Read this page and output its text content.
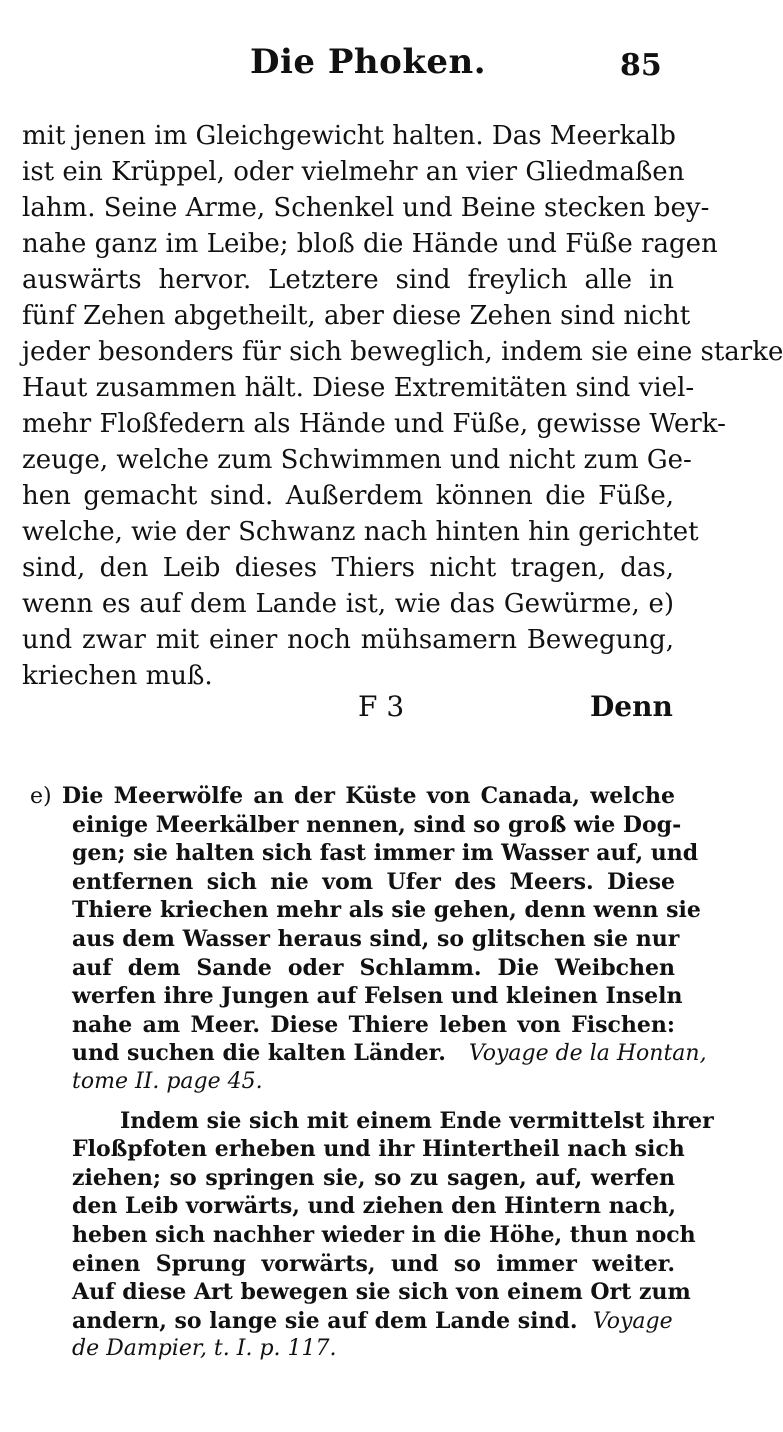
Die Phoken.	85
mit jenen im Gleichgewicht halten. Das Meerkalb
ist ein Krüppel, oder vielmehr an vier Gliedmaßen
lahm. Seine Arme, Schenkel und Beine stecken bey-
nahe ganz im Leibe; bloß die Hände und Füße ragen
auswärts hervor. Letztere sind freylich alle in
fünf Zehen abgetheilt, aber diese Zehen sind nicht
jeder besonders für sich beweglich, indem sie eine starke
Haut zusammen hält. Diese Extremitäten sind viel-
mehr Floßfedern als Hände und Füße, gewisse Werk-
zeuge, welche zum Schwimmen und nicht zum Ge-
hen gemacht sind. Außerdem können die Füße,
welche, wie der Schwanz nach hinten hin gerichtet
sind, den Leib dieses Thiers nicht tragen, das,
wenn es auf dem Lande ist, wie das Gewürme, e)
und zwar mit einer noch mühsamern Bewegung,
kriechen muß.
F 3	Denn
e) Die Meerwölfe an der Küste von Canada, welche
einige Meerkälber nennen, sind so groß wie Dog-
gen; sie halten sich fast immer im Wasser auf, und
entfernen sich nie vom Ufer des Meers. Diese
Thiere kriechen mehr als sie gehen, denn wenn sie
aus dem Wasser heraus sind, so glitschen sie nur
auf dem Sande oder Schlamm. Die Weibchen
werfen ihre Jungen auf Felsen und kleinen Inseln
nahe am Meer. Diese Thiere leben von Fischen:
und suchen die kalten Länder. Voyage de la Hontan,
tome II. page 45.
Indem sie sich mit einem Ende vermittelst ihrer
Floßpfoten erheben und ihr Hintertheil nach sich
ziehen; so springen sie, so zu sagen, auf, werfen
den Leib vorwärts, und ziehen den Hintern nach,
heben sich nachher wieder in die Höhe, thun noch
einen Sprung vorwärts, und so immer weiter.
Auf diese Art bewegen sie sich von einem Ort zum
andern, so lange sie auf dem Lande sind. Voyage
de Dampier, t. I. p. 117.
